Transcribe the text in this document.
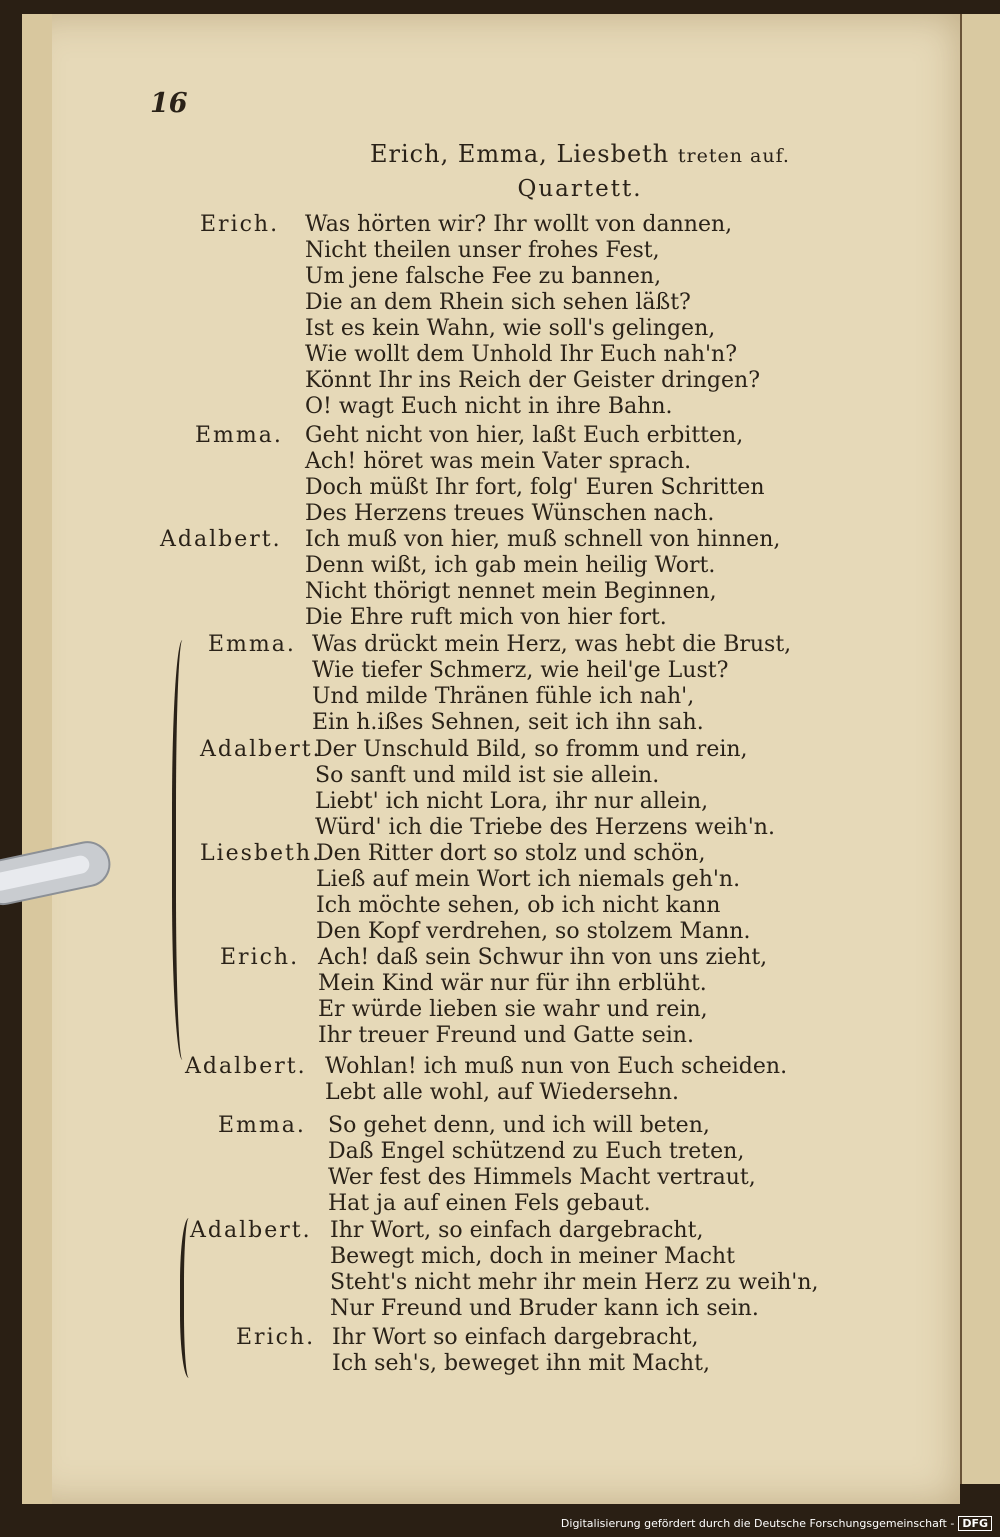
16
Erich, Emma, Liesbeth treten auf.
Quartett.
Erich. Was hörten wir? Ihr wollt von dannen,
Nicht theilen unser frohes Fest,
Um jene falsche Fee zu bannen,
Die an dem Rhein sich sehen läßt?
Ist es kein Wahn, wie soll's gelingen,
Wie wollt dem Unhold Ihr Euch nah'n?
Könnt Ihr ins Reich der Geister dringen?
O! wagt Euch nicht in ihre Bahn.
Emma. Geht nicht von hier, laßt Euch erbitten,
Ach! höret was mein Vater sprach.
Doch müßt Ihr fort, folg' Euren Schritten
Des Herzens treues Wünschen nach.
Adalbert. Ich muß von hier, muß schnell von hinnen,
Denn wißt, ich gab mein heilig Wort.
Nicht thörigt nennet mein Beginnen,
Die Ehre ruft mich von hier fort.
Emma. Was drückt mein Herz, was hebt die Brust,
Wie tiefer Schmerz, wie heil'ge Lust?
Und milde Thränen fühle ich nah',
Ein h.ißes Sehnen, seit ich ihn sah.
Adalbert.
Der Unschuld Bild, so fromm und rein,
So sanft und mild ist sie allein.
Liebt' ich nicht Lora, ihr nur allein,
Würd' ich die Triebe des Herzens weih'n.
Liesbeth.
Den Ritter dort so stolz und schön,
Ließ auf mein Wort ich niemals geh'n.
Ich möchte sehen, ob ich nicht kann
Den Kopf verdrehen, so stolzem Mann.
Erich. Ach! daß sein Schwur ihn von uns zieht,
Mein Kind wär nur für ihn erblüht.
Er würde lieben sie wahr und rein,
Ihr treuer Freund und Gatte sein.
Adalbert. Wohlan! ich muß nun von Euch scheiden.
Lebt alle wohl, auf Wiedersehn.
Emma. So gehet denn, und ich will beten,
Daß Engel schützend zu Euch treten,
Wer fest des Himmels Macht vertraut,
Hat ja auf einen Fels gebaut.
Adalbert. Ihr Wort, so einfach dargebracht,
Bewegt mich, doch in meiner Macht
Steht's nicht mehr ihr mein Herz zu weih'n,
Nur Freund und Bruder kann ich sein.
Erich. Ihr Wort so einfach dargebracht,
Ich seh's, beweget ihn mit Macht,
Digitalisierung gefördert durch die Deutsche Forschungsgemeinschaft - DFG
